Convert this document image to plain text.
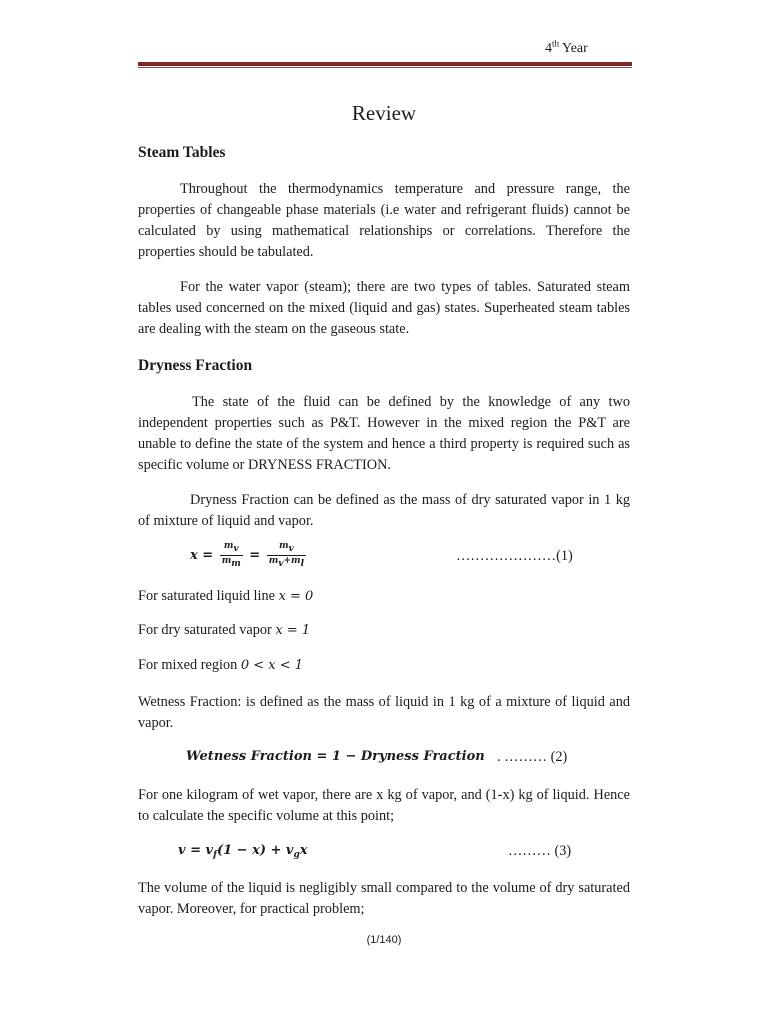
4th Year
Review
Steam Tables

Throughout the thermodynamics temperature and pressure range, the properties of changeable phase materials (i.e water and refrigerant fluids) cannot be calculated by using mathematical relationships or correlations. Therefore the properties should be tabulated.

For the water vapor (steam); there are two types of tables. Saturated steam tables used concerned on the mixed (liquid and gas) states. Superheated steam tables are dealing with the steam on the gaseous state.

Dryness Fraction

The state of the fluid can be defined by the knowledge of any two independent properties such as P&T. However in the mixed region the P&T are unable to define the state of the system and hence a third property is required such as specific volume or DRYNESS FRACTION.

Dryness Fraction can be defined as the mass of dry saturated vapor in 1 kg of mixture of liquid and vapor.

$x = \frac{mv}{mm} = \frac{mv}{mv+ml}$	…………………(1)
For saturated liquid line x = 0
For dry saturated vapor x = 1
For mixed region 0 < x < 1

Wetness Fraction: is defined as the mass of liquid in 1 kg of a mixture of liquid and vapor.

Wetness Fraction = 1 − Dryness Fraction . ……… (2)

For one kilogram of wet vapor, there are x kg of vapor, and (1-x) kg of liquid. Hence to calculate the specific volume at this point;

$v = v_f(1 - x) + v_gx$	……… (3)

The volume of the liquid is negligibly small compared to the volume of dry saturated vapor. Moreover, for practical problem;

(1/140)
